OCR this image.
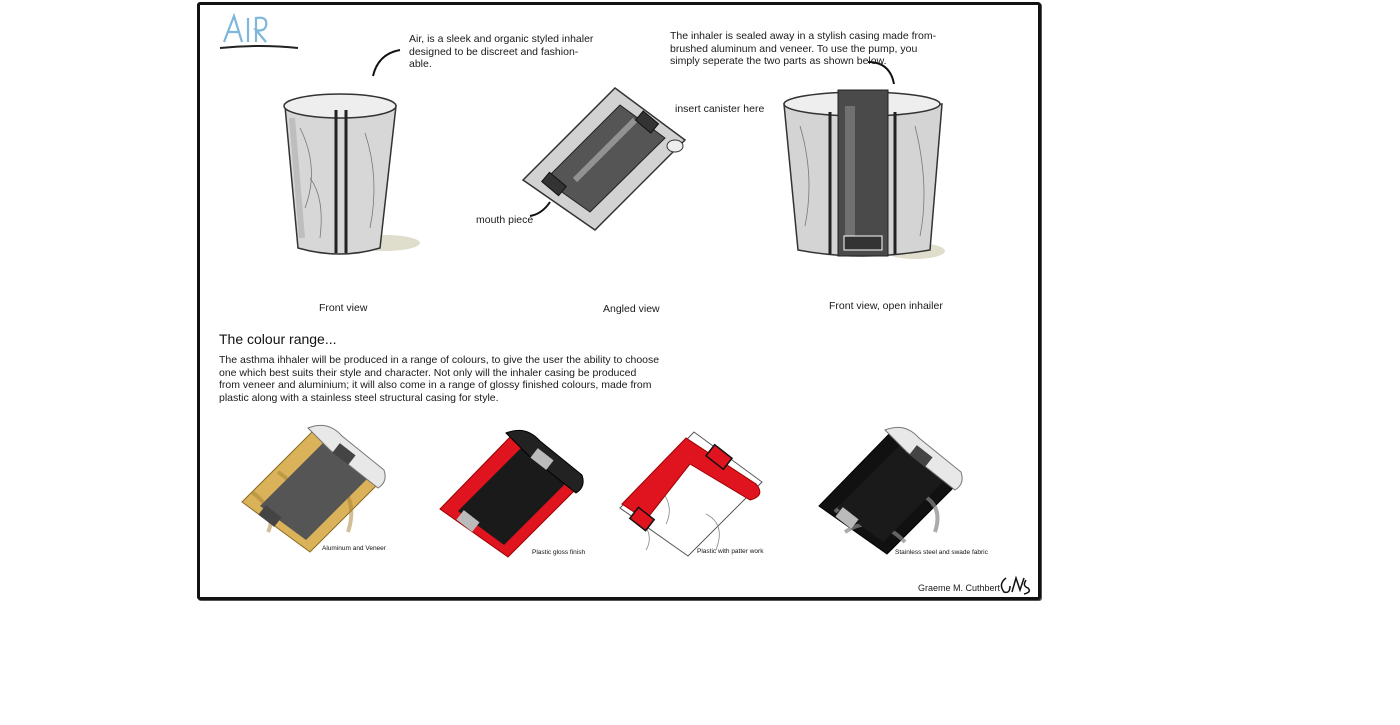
Air, is a sleek and organic styled inhaler
designed to be discreet and fashion-
able.
The inhaler is sealed away in a stylish casing made from-
brushed aluminum and veneer. To use the pump, you
simply seperate the two parts as shown below.
insert canister here
mouth piece
Front view	Angled view	Front view, open inhailer
The colour range...
The asthma ihhaler will be produced in a range of colours, to give the user the ability to choose
one which best suits their style and character. Not only will the inhaler casing be produced
from veneer and aluminium; it will also come in a range of glossy finished colours, made from
plastic along with a stainless steel structural casing for style.
Aluminum and Veneer
Plastic gloss finish	Plastic with patter work	Stainless steel and swade fabric
Graeme M. Cuthbert
